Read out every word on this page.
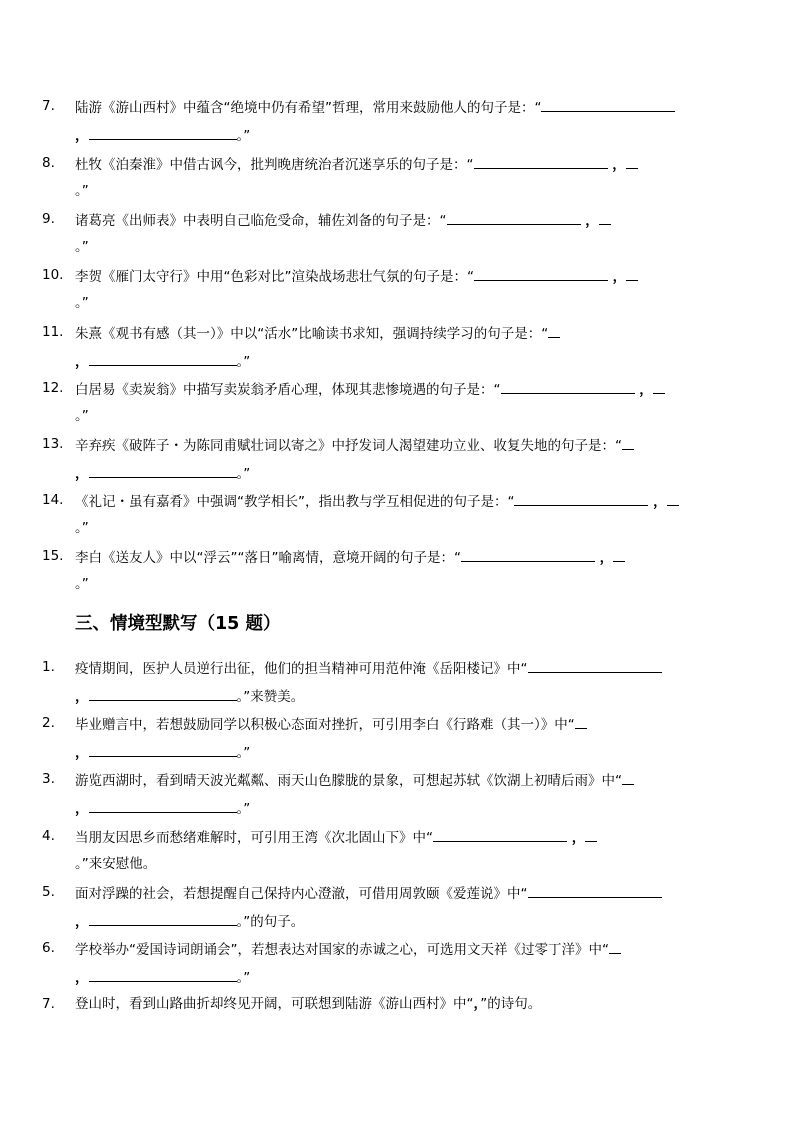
7. 陆游《游山西村》中蕴含“绝境中仍有希望”哲理，常用来鼓励他人的句子是：“
，	。”
8. 杜牧《泊秦淮》中借古讽今，批判晚唐统治者沉迷享乐的句子是：“	，
。”
9. 诸葛亮《出师表》中表明自己临危受命，辅佐刘备的句子是：“	，
。”
10. 李贺《雁门太守行》中用“色彩对比”渲染战场悲壮气氛的句子是：“	，
。”
11. 朱熹《观书有感（其一）》中以“活水”比喻读书求知，强调持续学习的句子是：“
，	。”
12. 白居易《卖炭翁》中描写卖炭翁矛盾心理，体现其悲惨境遇的句子是：“	，
。”
13. 辛弃疾《破阵子・为陈同甫赋壮词以寄之》中抒发词人渴望建功立业、收复失地的句子是：“
，	。”
14. 《礼记・虽有嘉肴》中强调“教学相长”，指出教与学互相促进的句子是：“	，
。”
15. 李白《送友人》中以“浮云”“落日”喻离情，意境开阔的句子是：“	，
。”
三、情境型默写（15 题）
1. 疫情期间，医护人员逆行出征，他们的担当精神可用范仲淹《岳阳楼记》中“
，	。”来赞美。
2. 毕业赠言中，若想鼓励同学以积极心态面对挫折，可引用李白《行路难（其一）》中“
，	。”
3. 游览西湖时，看到晴天波光粼粼、雨天山色朦胧的景象，可想起苏轼《饮湖上初晴后雨》中“
，	。”
4. 当朋友因思乡而愁绪难解时，可引用王湾《次北固山下》中“	，
。”来安慰他。
5. 面对浮躁的社会，若想提醒自己保持内心澄澈，可借用周敦颐《爱莲说》中“
，	。”的句子。
6. 学校举办“爱国诗词朗诵会”，若想表达对国家的赤诚之心，可选用文天祥《过零丁洋》中“
，	。”
7. 登山时，看到山路曲折却终见开阔，可联想到陆游《游山西村》中“，”的诗句。
